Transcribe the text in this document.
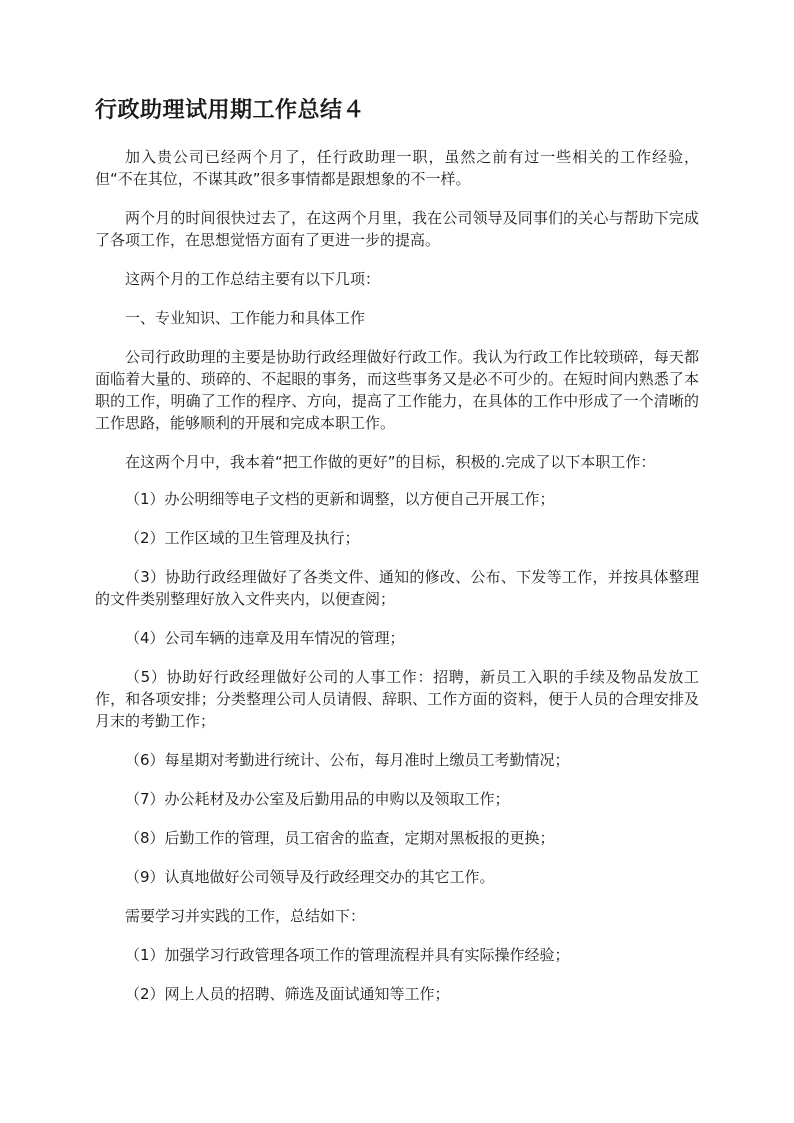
行政助理试用期工作总结４

加入贵公司已经两个月了，任行政助理一职，虽然之前有过一些相关的工作经验，但“不在其位，不谋其政”很多事情都是跟想象的不一样。

两个月的时间很快过去了，在这两个月里，我在公司领导及同事们的关心与帮助下完成了各项工作，在思想觉悟方面有了更进一步的提高。

这两个月的工作总结主要有以下几项：

一、专业知识、工作能力和具体工作

公司行政助理的主要是协助行政经理做好行政工作。我认为行政工作比较琐碎，每天都面临着大量的、琐碎的、不起眼的事务，而这些事务又是必不可少的。在短时间内熟悉了本职的工作，明确了工作的程序、方向，提高了工作能力，在具体的工作中形成了一个清晰的工作思路，能够顺利的开展和完成本职工作。

在这两个月中，我本着“把工作做的更好”的目标，积极的.完成了以下本职工作：

（1）办公明细等电子文档的更新和调整，以方便自己开展工作；

（2）工作区域的卫生管理及执行；

（3）协助行政经理做好了各类文件、通知的修改、公布、下发等工作，并按具体整理的文件类别整理好放入文件夹内，以便查阅；

（4）公司车辆的违章及用车情况的管理；

（5）协助好行政经理做好公司的人事工作：招聘，新员工入职的手续及物品发放工作，和各项安排；分类整理公司人员请假、辞职、工作方面的资料，便于人员的合理安排及月末的考勤工作；

（6）每星期对考勤进行统计、公布，每月准时上缴员工考勤情况；

（7）办公耗材及办公室及后勤用品的申购以及领取工作；

（8）后勤工作的管理，员工宿舍的监查，定期对黑板报的更换；

（9）认真地做好公司领导及行政经理交办的其它工作。

需要学习并实践的工作，总结如下：

（1）加强学习行政管理各项工作的管理流程并具有实际操作经验；

（2）网上人员的招聘、筛选及面试通知等工作；
